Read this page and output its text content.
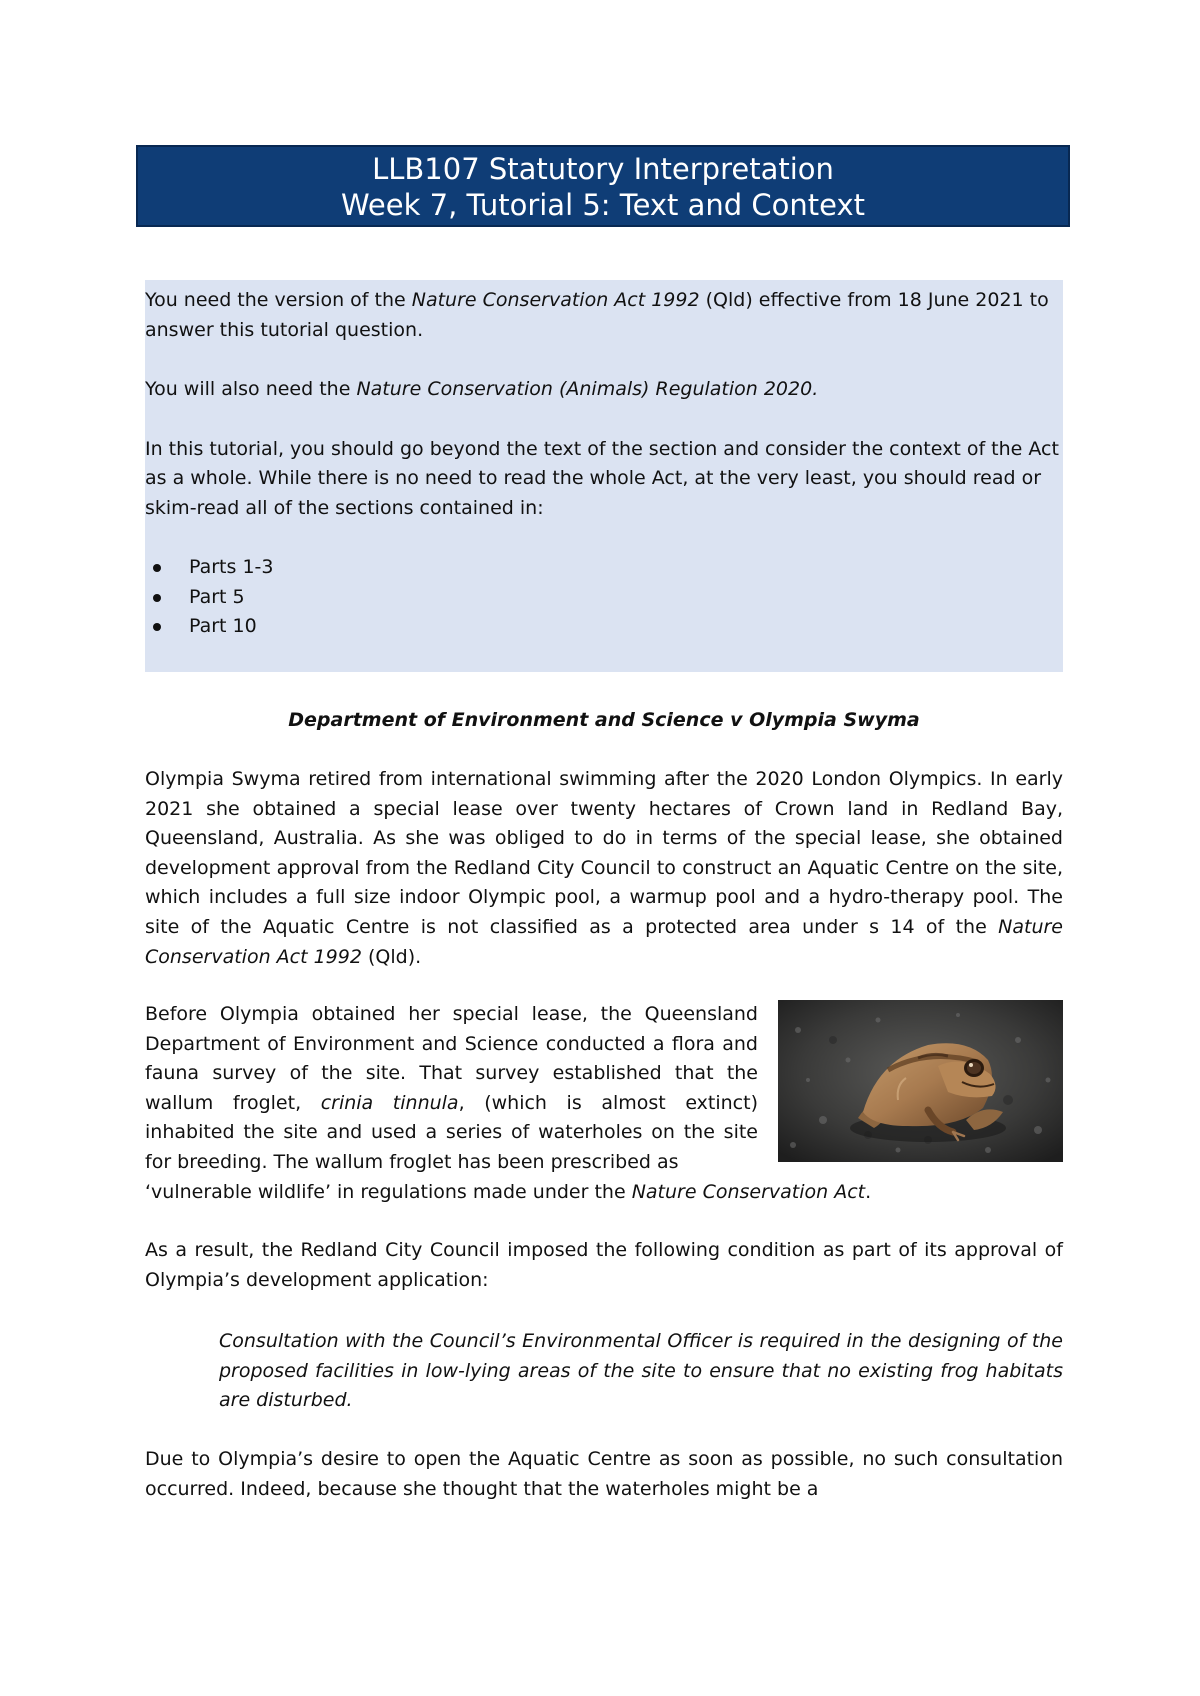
LLB107 Statutory Interpretation
Week 7, Tutorial 5: Text and Context

You need the version of the Nature Conservation Act 1992 (Qld) effective from 18 June 2021 to answer this tutorial question.

You will also need the Nature Conservation (Animals) Regulation 2020.

In this tutorial, you should go beyond the text of the section and consider the context of the Act as a whole. While there is no need to read the whole Act, at the very least, you should read or skim-read all of the sections contained in:

Parts 1-3
Part 5
Part 10
Department of Environment and Science v Olympia Swyma

Olympia Swyma retired from international swimming after the 2020 London Olympics. In early 2021 she obtained a special lease over twenty hectares of Crown land in Redland Bay, Queensland, Australia. As she was obliged to do in terms of the special lease, she obtained development approval from the Redland City Council to construct an Aquatic Centre on the site, which includes a full size indoor Olympic pool, a warmup pool and a hydro-therapy pool. The site of the Aquatic Centre is not classified as a protected area under s 14 of the Nature Conservation Act 1992 (Qld).

Before Olympia obtained her special lease, the Queensland Department of Environment and Science conducted a flora and fauna survey of the site. That survey established that the wallum froglet, crinia tinnula, (which is almost extinct) inhabited the site and used a series of waterholes on the site for breeding. The wallum froglet has been prescribed as

‘vulnerable wildlife’ in regulations made under the Nature Conservation Act.

As a result, the Redland City Council imposed the following condition as part of its approval of Olympia’s development application:

Consultation with the Council’s Environmental Officer is required in the designing of the proposed facilities in low-lying areas of the site to ensure that no existing frog habitats are disturbed.

Due to Olympia’s desire to open the Aquatic Centre as soon as possible, no such consultation occurred. Indeed, because she thought that the waterholes might be a
